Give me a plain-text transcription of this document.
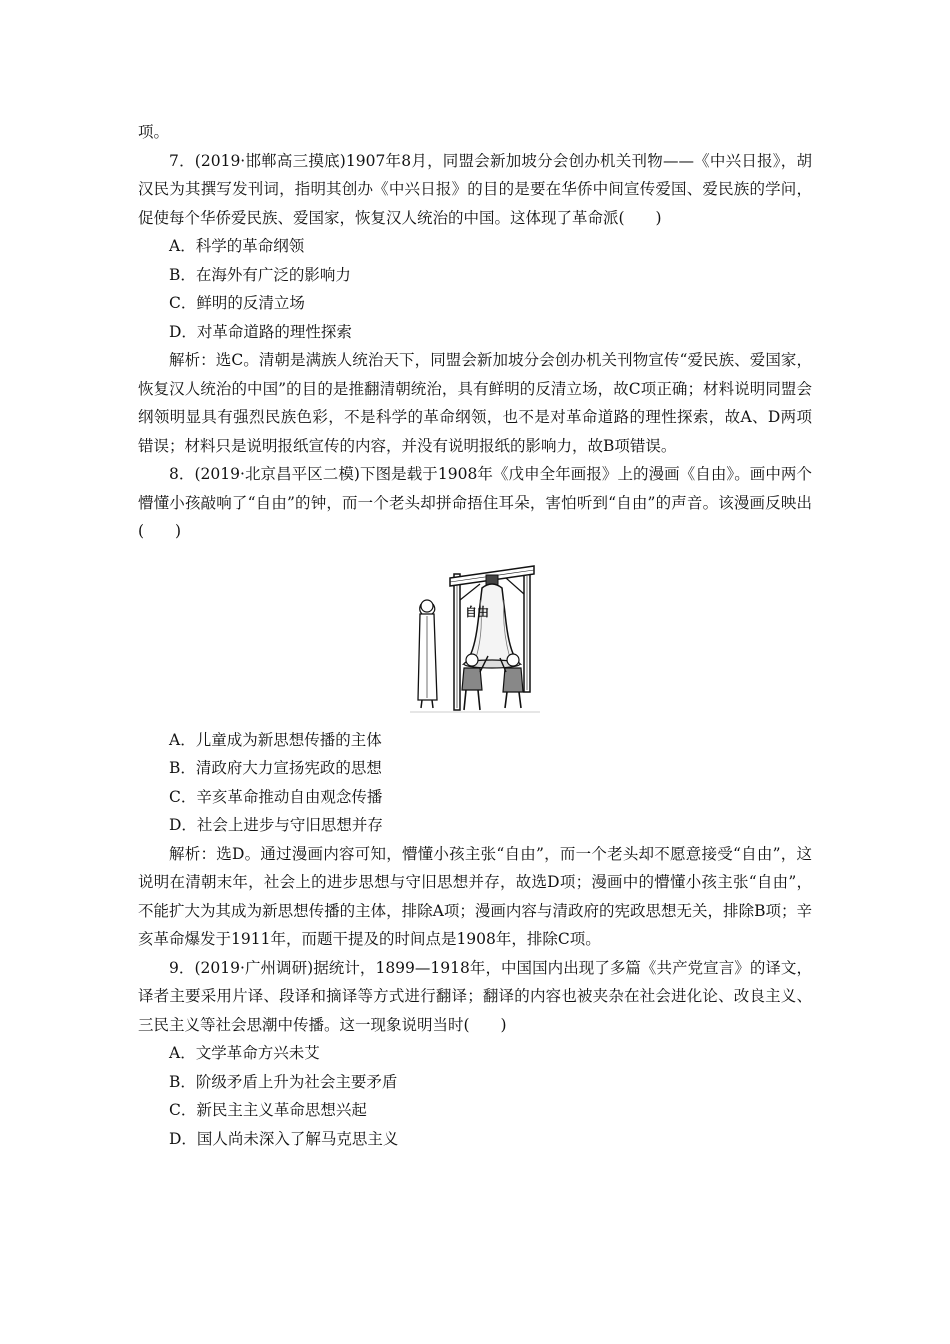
项。

7．(2019·邯郸高三摸底)1907年8月，同盟会新加坡分会创办机关刊物——《中兴日报》，胡汉民为其撰写发刊词，指明其创办《中兴日报》的目的是要在华侨中间宣传爱国、爱民族的学问，促使每个华侨爱民族、爱国家，恢复汉人统治的中国。这体现了革命派(　　)

A．科学的革命纲领

B．在海外有广泛的影响力

C．鲜明的反清立场

D．对革命道路的理性探索

解析：选C。清朝是满族人统治天下，同盟会新加坡分会创办机关刊物宣传“爱民族、爱国家，恢复汉人统治的中国”的目的是推翻清朝统治，具有鲜明的反清立场，故C项正确；材料说明同盟会纲领明显具有强烈民族色彩，不是科学的革命纲领，也不是对革命道路的理性探索，故A、D两项错误；材料只是说明报纸宣传的内容，并没有说明报纸的影响力，故B项错误。

8．(2019·北京昌平区二模)下图是载于1908年《戊申全年画报》上的漫画《自由》。画中两个懵懂小孩敲响了“自由”的钟，而一个老头却拼命捂住耳朵，害怕听到“自由”的声音。该漫画反映出(　　)

自由

A．儿童成为新思想传播的主体

B．清政府大力宣扬宪政的思想

C．辛亥革命推动自由观念传播

D．社会上进步与守旧思想并存

解析：选D。通过漫画内容可知，懵懂小孩主张“自由”，而一个老头却不愿意接受“自由”，这说明在清朝末年，社会上的进步思想与守旧思想并存，故选D项；漫画中的懵懂小孩主张“自由”，不能扩大为其成为新思想传播的主体，排除A项；漫画内容与清政府的宪政思想无关，排除B项；辛亥革命爆发于1911年，而题干提及的时间点是1908年，排除C项。

9．(2019·广州调研)据统计，1899—1918年，中国国内出现了多篇《共产党宣言》的译文，译者主要采用片译、段译和摘译等方式进行翻译；翻译的内容也被夹杂在社会进化论、改良主义、三民主义等社会思潮中传播。这一现象说明当时(　　)

A．文学革命方兴未艾

B．阶级矛盾上升为社会主要矛盾

C．新民主主义革命思想兴起

D．国人尚未深入了解马克思主义
